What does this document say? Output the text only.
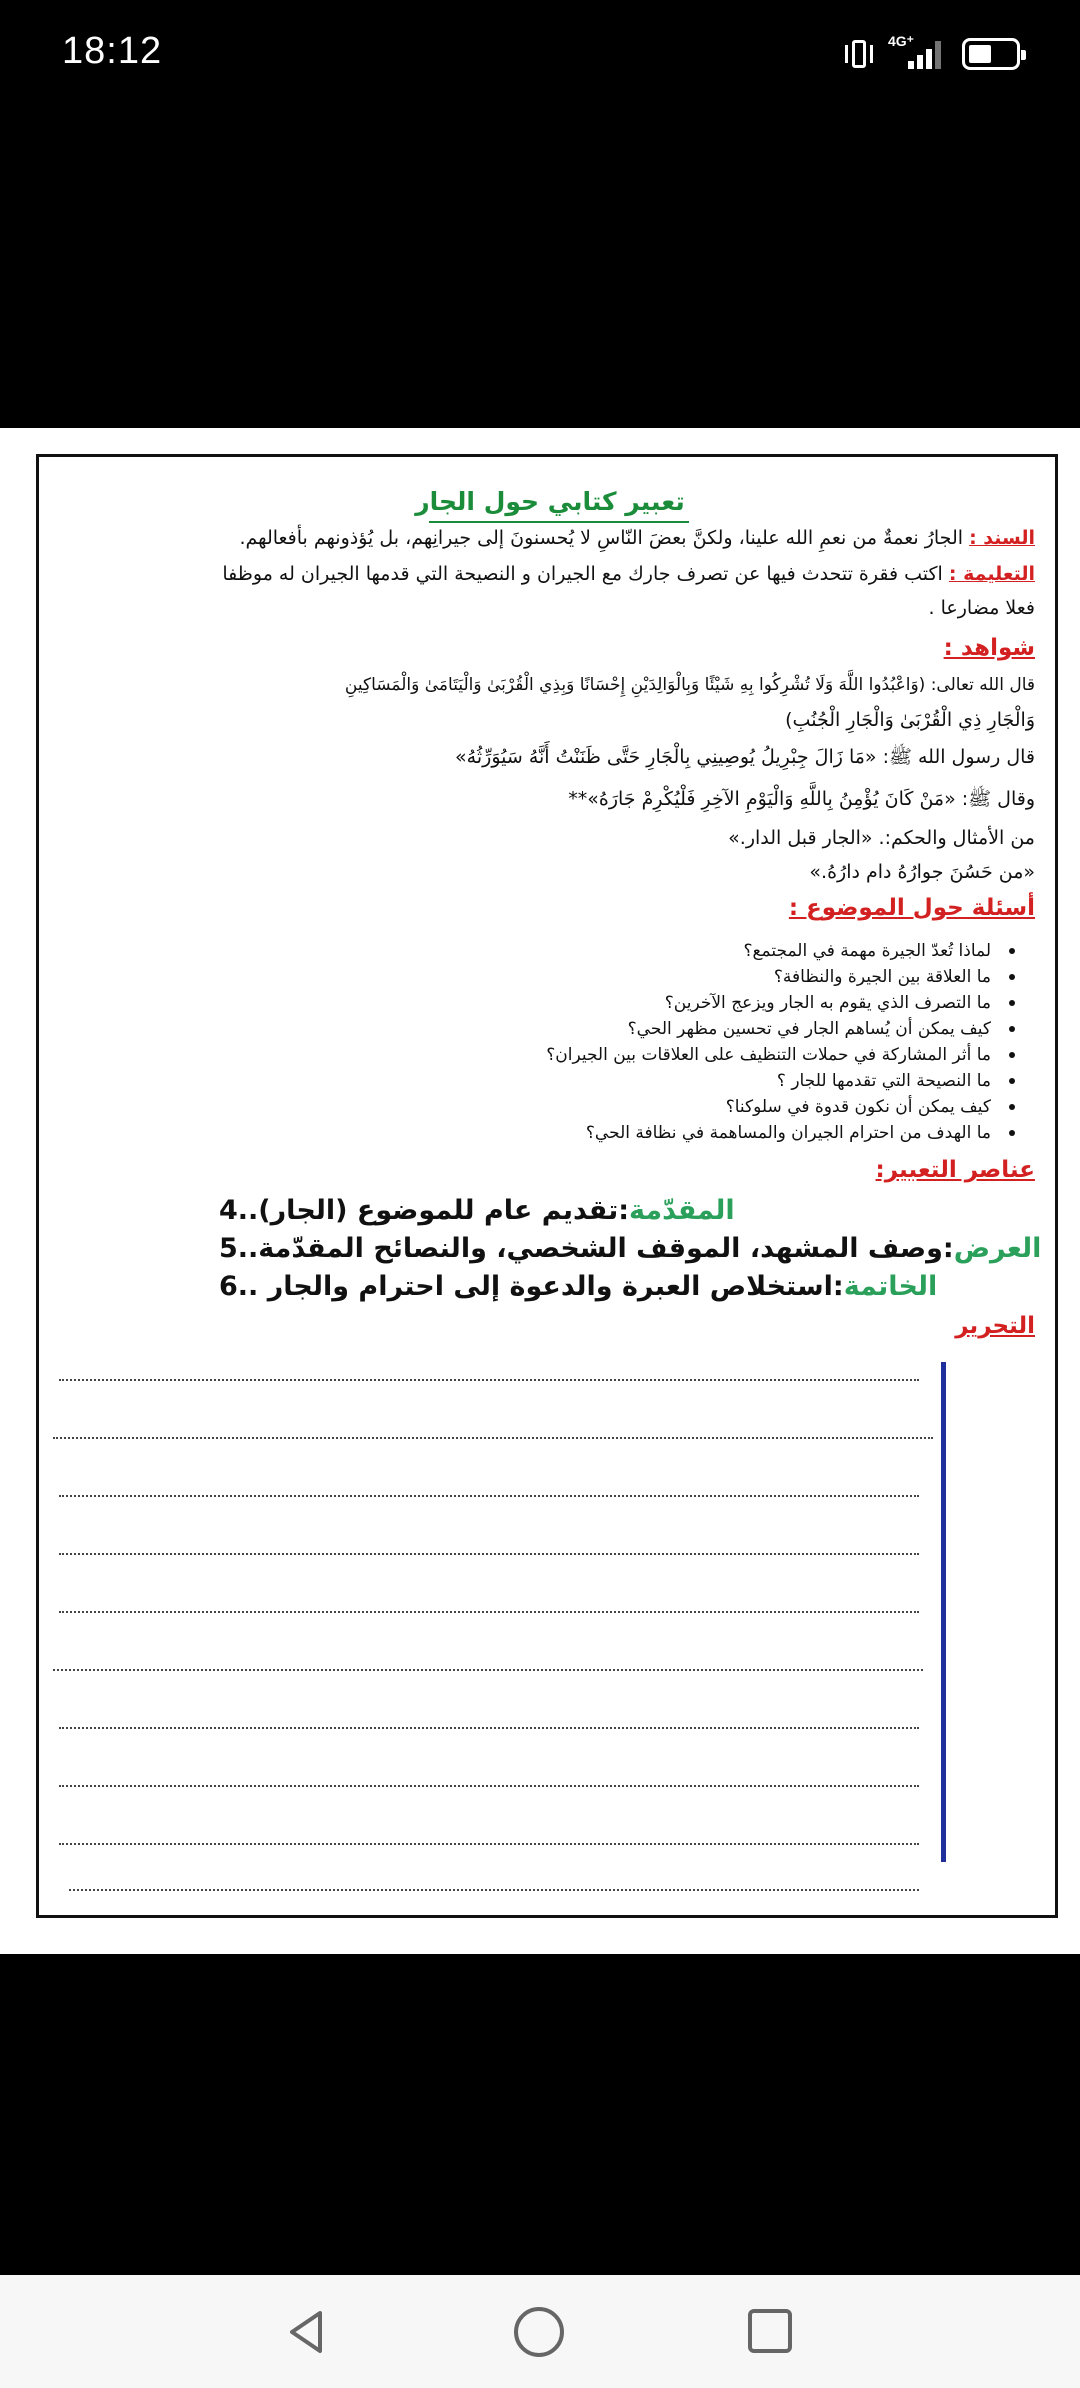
18:12	4G⁺
تعبير كتابي حول الجار
السند : الجارُ نعمةٌ من نعمِ الله علينا، ولكنَّ بعضَ النّاسِ لا يُحسنونَ إلى جيرانِهم، بل يُؤذونهم بأفعالهم.
التعليمة : اكتب فقرة تتحدث فيها عن تصرف جارك مع الجيران و النصيحة التي قدمها الجيران له موظفا
فعلا مضارعا .
شواهد :
قال الله تعالى: (وَاعْبُدُوا اللَّهَ وَلَا تُشْرِكُوا بِهِ شَيْئًا وَبِالْوَالِدَيْنِ إِحْسَانًا وَبِذِي الْقُرْبَىٰ وَالْيَتَامَىٰ وَالْمَسَاكِينِ
وَالْجَارِ ذِي الْقُرْبَىٰ وَالْجَارِ الْجُنُبِ)
قال رسول الله ﷺ: «مَا زَالَ جِبْرِيلُ يُوصِينِي بِالْجَارِ حَتَّى ظَنَنْتُ أَنَّهُ سَيُوَرِّثُهُ»
وقال ﷺ: «مَنْ كَانَ يُؤْمِنُ بِاللَّهِ وَالْيَوْمِ الآخِرِ فَلْيُكْرِمْ جَارَهُ»**
من الأمثال والحكم:. «الجار قبل الدار.»
«من حَسُنَ جوارُهُ دام دارُهُ.»
أسئلة حول الموضوع :
لماذا تُعدّ الجيرة مهمة في المجتمع؟
ما العلاقة بين الجيرة والنظافة؟
ما التصرف الذي يقوم به الجار ويزعج الآخرين؟
كيف يمكن أن يُساهم الجار في تحسين مظهر الحي؟
ما أثر المشاركة في حملات التنظيف على العلاقات بين الجيران؟
ما النصيحة التي تقدمها للجار ؟
كيف يمكن أن نكون قدوة في سلوكنا؟
ما الهدف من احترام الجيران والمساهمة في نظافة الحي؟
عناصر التعبير:
4.	المقدّمة:تقديم عام للموضوع (الجار).
5.	العرض:وصف المشهد، الموقف الشخصي، والنصائح المقدّمة.
6.	الخاتمة:استخلاص العبرة والدعوة إلى احترام والجار .
التحرير
